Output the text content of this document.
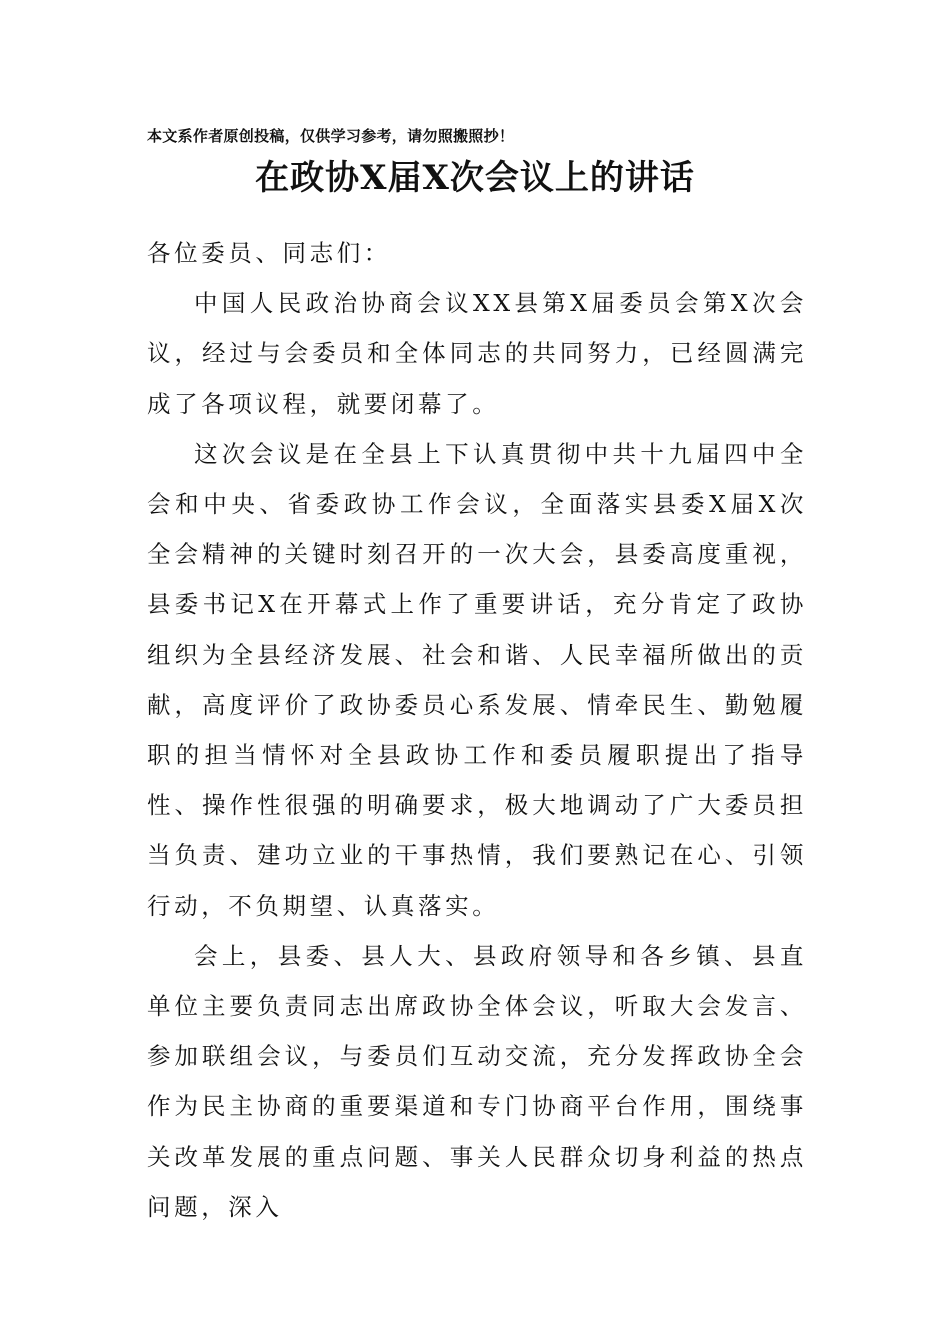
本文系作者原创投稿，仅供学习参考，请勿照搬照抄！
在政协X届X次会议上的讲话

各位委员、同志们：

中国人民政治协商会议XX县第X届委员会第X次会议，经过与会委员和全体同志的共同努力，已经圆满完成了各项议程，就要闭幕了。

这次会议是在全县上下认真贯彻中共十九届四中全会和中央、省委政协工作会议，全面落实县委X届X次全会精神的关键时刻召开的一次大会，县委高度重视，县委书记X在开幕式上作了重要讲话，充分肯定了政协组织为全县经济发展、社会和谐、人民幸福所做出的贡献，高度评价了政协委员心系发展、情牵民生、勤勉履职的担当情怀对全县政协工作和委员履职提出了指导性、操作性很强的明确要求，极大地调动了广大委员担当负责、建功立业的干事热情，我们要熟记在心、引领行动，不负期望、认真落实。

会上，县委、县人大、县政府领导和各乡镇、县直单位主要负责同志出席政协全体会议，听取大会发言、参加联组会议，与委员们互动交流，充分发挥政协全会作为民主协商的重要渠道和专门协商平台作用，围绕事关改革发展的重点问题、事关人民群众切身利益的热点问题，深入
